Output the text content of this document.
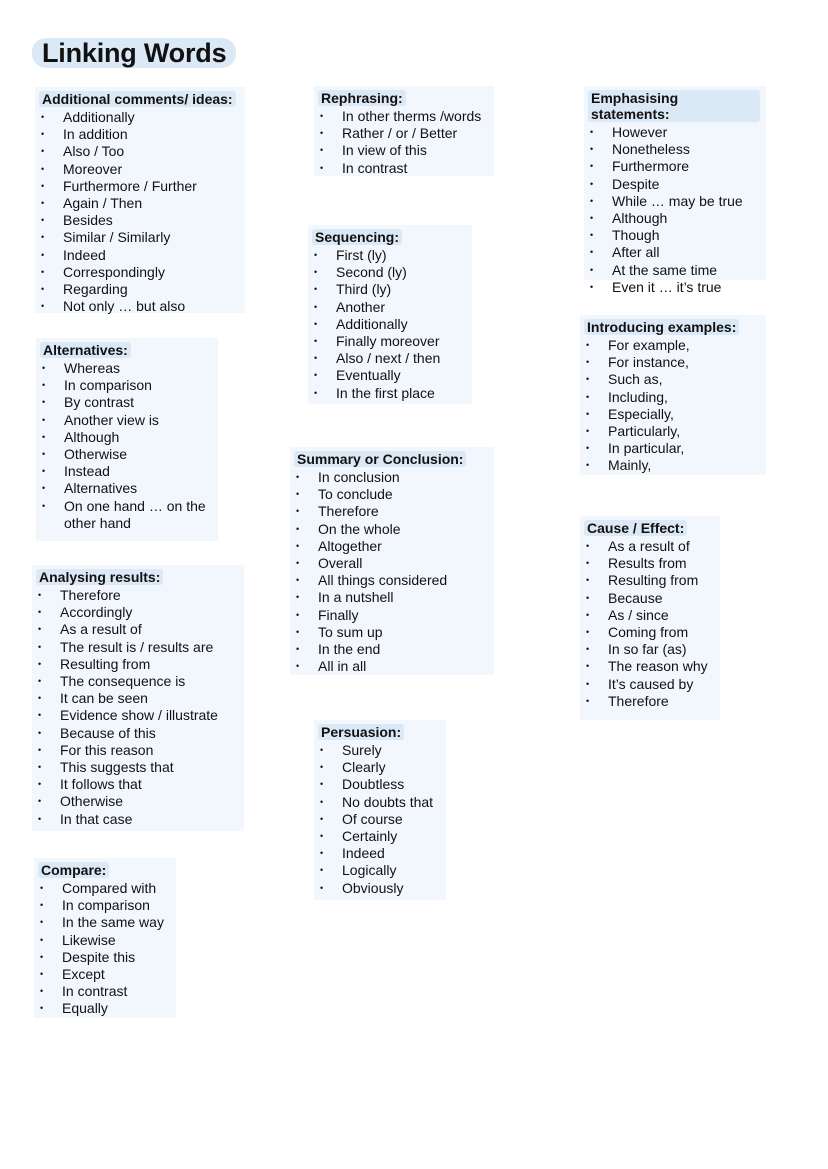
Linking Words
Additional comments/ ideas:
• Additionally
• In addition
• Also / Too
• Moreover
• Furthermore / Further
• Again / Then
• Besides
• Similar / Similarly
• Indeed
• Correspondingly
• Regarding
• Not only … but also
Alternatives:
• Whereas
• In comparison
• By contrast
• Another view is
• Although
• Otherwise
• Instead
• Alternatives
• On one hand … on the other hand
Analysing results:
• Therefore
• Accordingly
• As a result of
• The result is / results are
• Resulting from
• The consequence is
• It can be seen
• Evidence show / illustrate
• Because of this
• For this reason
• This suggests that
• It follows that
• Otherwise
• In that case
Compare:
• Compared with
• In comparison
• In the same way
• Likewise
• Despite this
• Except
• In contrast
• Equally
Rephrasing:
• In other therms /words
• Rather / or / Better
• In view of this
• In contrast
Sequencing:
• First (ly)
• Second (ly)
• Third (ly)
• Another
• Additionally
• Finally moreover
• Also / next / then
• Eventually
• In the first place
Summary or Conclusion:
• In conclusion
• To conclude
• Therefore
• On the whole
• Altogether
• Overall
• All things considered
• In a nutshell
• Finally
• To sum up
• In the end
• All in all
Persuasion:
• Surely
• Clearly
• Doubtless
• No doubts that
• Of course
• Certainly
• Indeed
• Logically
• Obviously
Emphasising statements:
• However
• Nonetheless
• Furthermore
• Despite
• While … may be true
• Although
• Though
• After all
• At the same time
• Even it … it’s true
Introducing examples:
• For example,
• For instance,
• Such as,
• Including,
• Especially,
• Particularly,
• In particular,
• Mainly,
Cause / Effect:
• As a result of
• Results from
• Resulting from
• Because
• As / since
• Coming from
• In so far (as)
• The reason why
• It’s caused by
• Therefore
